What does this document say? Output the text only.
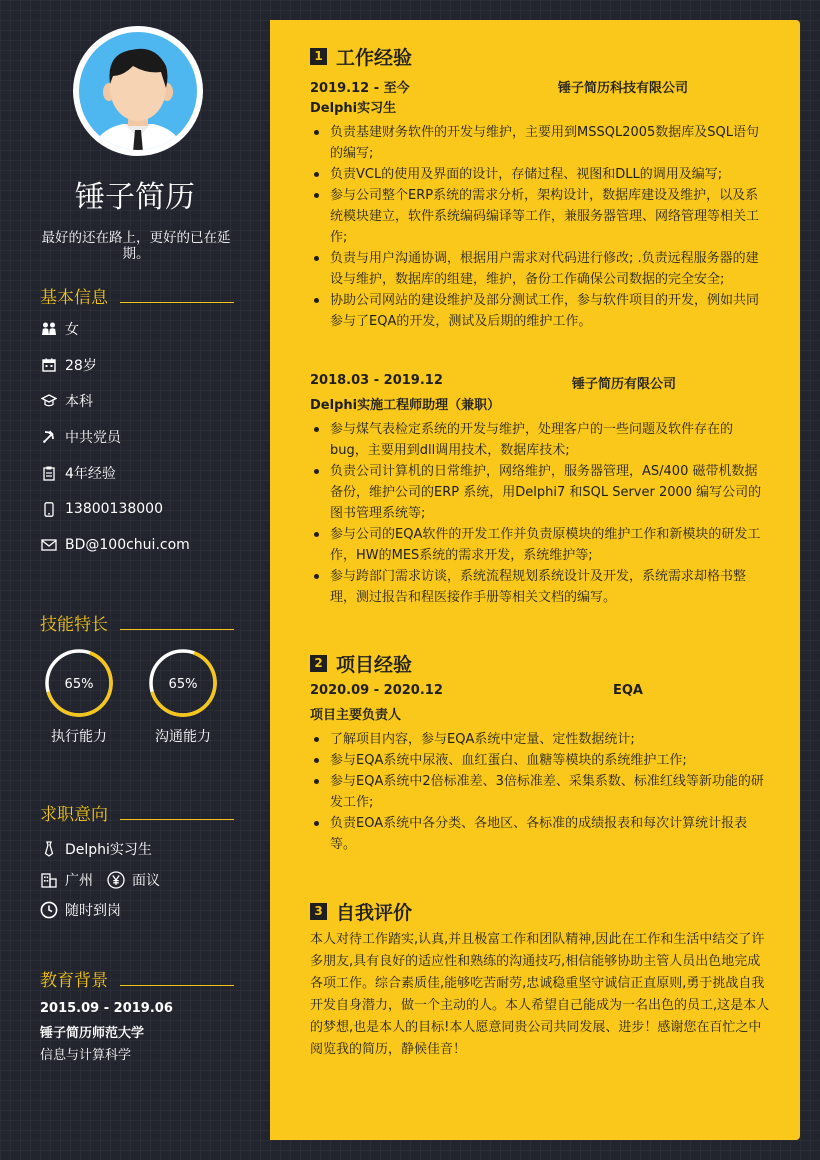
锤子简历
最好的还在路上，更好的已在延期。
基本信息
女
28岁
本科
中共党员
4年经验
13800138000
BD@100chui.com
技能特长
65%
执行能力
65%
沟通能力
求职意向
Delphi实习生
广州	面议
随时到岗
教育背景
2015.09 - 2019.06
锤子简历师范大学
信息与计算科学
1 工作经验
2019.12 - 至今	锤子简历科技有限公司
Delphi实习生
负责基建财务软件的开发与维护，主要用到MSSQL2005数据库及SQL语句的编写;
负责VCL的使用及界面的设计，存储过程、视图和DLL的调用及编写;
参与公司整个ERP系统的需求分析，架构设计，数据库建设及维护，以及系统模块建立，软件系统编码编译等工作，兼服务器管理、网络管理等相关工作;
负责与用户沟通协调，根据用户需求对代码进行修改; .负责远程服务器的建设与维护，数据库的组建，维护，备份工作确保公司数据的完全安全;
协助公司网站的建设维护及部分测试工作，参与软件项目的开发，例如共同参与了EQA的开发，测试及后期的维护工作。
2018.03 - 2019.12	锤子简历有限公司
Delphi实施工程师助理（兼职）
参与煤气表检定系统的开发与维护，处理客户的一些问题及软件存在的bug，主要用到dll调用技术，数据库技术;
负责公司计算机的日常维护，网络维护，服务器管理，AS/400 磁带机数据备份，维护公司的ERP 系统，用Delphi7 和SQL Server 2000 编写公司的图书管理系统等;
参与公司的EQA软件的开发工作并负责原模块的维护工作和新模块的研发工作，HW的MES系统的需求开发，系统维护等;
参与跨部门需求访谈，系统流程规划系统设计及开发，系统需求却格书整理，测过报告和程医接作手册等相关文档的编写。
2 项目经验
2020.09 - 2020.12	EQA
项目主要负责人
了解项目内容，参与EQA系统中定量、定性数据统计;
参与EQA系统中尿液、血红蛋白、血糖等模块的系统维护工作;
参与EQA系统中2倍标准差、3倍标准差、采集系数、标准红线等新功能的研发工作;
负责EOA系统中各分类、各地区、各标准的成绩报表和每次计算统计报表等。
3 自我评价
本人对待工作踏实,认真,并且极富工作和团队精神,因此在工作和生活中结交了许多朋友,具有良好的适应性和熟练的沟通技巧,相信能够协助主管人员出色地完成各项工作。综合素质佳,能够吃苦耐劳,忠诚稳重坚守诚信正直原则,勇于挑战自我开发自身潜力，做一个主动的人。本人希望自己能成为一名出色的员工,这是本人的梦想,也是本人的目标!本人愿意同贵公司共同发展、进步！感谢您在百忙之中阅览我的简历，静候佳音！
